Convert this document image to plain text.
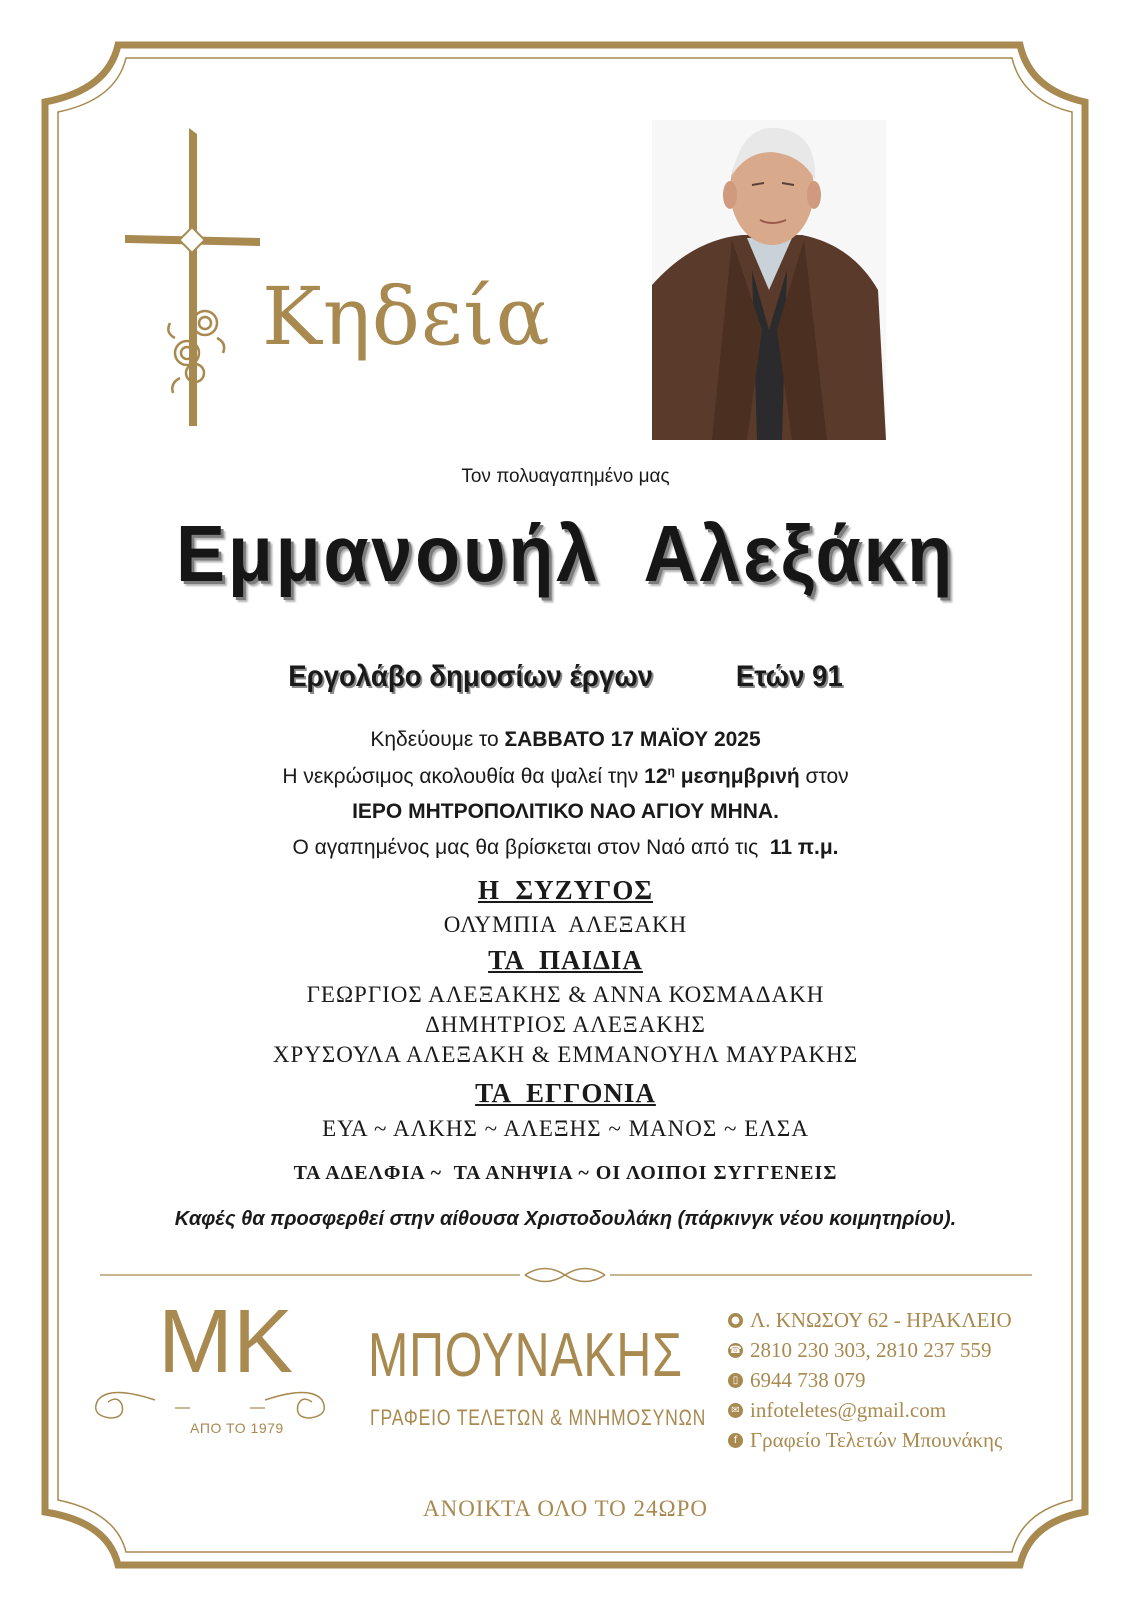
Κηδεία
Τον πολυαγαπημένο μας
Εμμανουήλ  Αλεξάκη
Εργολάβο δημοσίων έργων	Ετών 91
Κηδεύουμε το ΣΑΒΒΑΤΟ 17 ΜΑΪΟΥ 2025
Η νεκρώσιμος ακολουθία θα ψαλεί την $12^\eta$ μεσημβρινή στον
ΙΕΡΟ ΜΗΤΡΟΠΟΛΙΤΙΚΟ ΝΑΟ ΑΓΙΟΥ ΜΗΝΑ.
Ο αγαπημένος μας θα βρίσκεται στον Ναό από τις  11 π.μ.
Η  ΣΥΖΥΓΟΣ
ΟΛΥΜΠΙΑ  ΑΛΕΞΑΚΗ
ΤΑ  ΠΑΙΔΙΑ
ΓΕΩΡΓΙΟΣ ΑΛΕΞΑΚΗΣ & ΑΝΝΑ ΚΟΣΜΑΔΑΚΗ
ΔΗΜΗΤΡΙΟΣ ΑΛΕΞΑΚΗΣ
ΧΡΥΣΟΥΛΑ ΑΛΕΞΑΚΗ & ΕΜΜΑΝΟΥΗΛ ΜΑΥΡΑΚΗΣ
ΤΑ  ΕΓΓΟΝΙΑ
ΕΥΑ ~ ΑΛΚΗΣ ~ ΑΛΕΞΗΣ ~ ΜΑΝΟΣ ~ ΕΛΣΑ
ΤΑ ΑΔΕΛΦΙΑ ~  ΤΑ ΑΝΗΨΙΑ ~ ΟΙ ΛΟΙΠΟΙ ΣΥΓΓΕΝΕΙΣ
Καφές θα προσφερθεί στην αίθουσα Χριστοδουλάκη (πάρκινγκ νέου κοιμητηρίου).
MK
ΑΠΟ ΤΟ 1979
ΜΠΟΥΝΑΚΗΣ
ΓΡΑΦΕΙΟ ΤΕΛΕΤΩΝ & ΜΝΗΜΟΣΥΝΩΝ
● Λ. ΚΝΩΣΟΥ 62 - ΗΡΑΚΛΕΙΟ
☎ 2810 230 303, 2810 237 559
▯ 6944 738 079
✉ infoteletes@gmail.com
f Γραφείο Τελετών Μπουνάκης
ΑΝΟΙΚΤΑ ΟΛΟ ΤΟ 24ΩΡΟ
